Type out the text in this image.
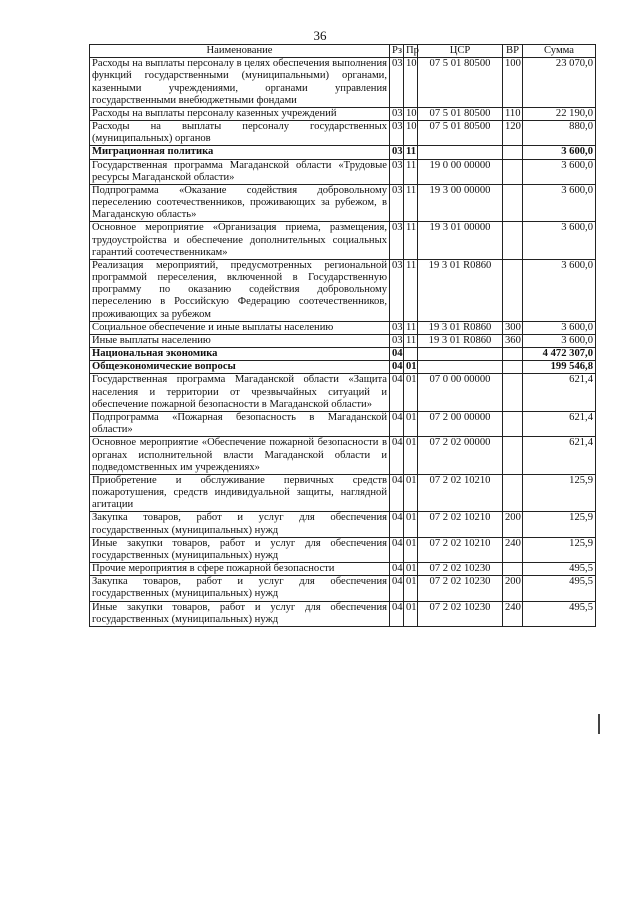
36
Наименование	Рз	Пр	ЦСР	ВР	Сумма
Расходы на выплаты персоналу в целях обеспечения выполнения функций государственными (муниципальными) органами, казенными учреждениями, органами управления государственными внебюджетными фондами	03	10	07 5 01 80500	100	23 070,0
Расходы на выплаты персоналу казенных учреждений	03	10	07 5 01 80500	110	22 190,0
Расходы на выплаты персоналу государственных (муниципальных) органов	03	10	07 5 01 80500	120	880,0
Миграционная политика	03	11			3 600,0
Государственная программа Магаданской области «Трудовые ресурсы Магаданской области»	03	11	19 0 00 00000		3 600,0
Подпрограмма «Оказание содействия добровольному переселению соотечественников, проживающих за рубежом, в Магаданскую область»	03	11	19 3 00 00000		3 600,0
Основное мероприятие «Организация приема, размещения, трудоустройства и обеспечение дополнительных социальных гарантий соотечественникам»	03	11	19 3 01 00000		3 600,0
Реализация мероприятий, предусмотренных региональной программой переселения, включенной в Государственную программу по оказанию содействия добровольному переселению в Российскую Федерацию соотечественников, проживающих за рубежом	03	11	19 3 01 R0860		3 600,0
Социальное обеспечение и иные выплаты населению	03	11	19 3 01 R0860	300	3 600,0
Иные выплаты населению	03	11	19 3 01 R0860	360	3 600,0
Национальная экономика	04				4 472 307,0
Общеэкономические вопросы	04	01			199 546,8
Государственная программа Магаданской области «Защита населения и территории от чрезвычайных ситуаций и обеспечение пожарной безопасности в Магаданской области»	04	01	07 0 00 00000		621,4
Подпрограмма «Пожарная безопасность в Магаданской области»	04	01	07 2 00 00000		621,4
Основное мероприятие «Обеспечение пожарной безопасности в органах исполнительной власти Магаданской области и подведомственных им учреждениях»	04	01	07 2 02 00000		621,4
Приобретение и обслуживание первичных средств пожаротушения, средств индивидуальной защиты, наглядной агитации	04	01	07 2 02 10210		125,9
Закупка товаров, работ и услуг для обеспечения государственных (муниципальных) нужд	04	01	07 2 02 10210	200	125,9
Иные закупки товаров, работ и услуг для обеспечения государственных (муниципальных) нужд	04	01	07 2 02 10210	240	125,9
Прочие мероприятия в сфере пожарной безопасности	04	01	07 2 02 10230		495,5
Закупка товаров, работ и услуг для обеспечения государственных (муниципальных) нужд	04	01	07 2 02 10230	200	495,5
Иные закупки товаров, работ и услуг для обеспечения государственных (муниципальных) нужд	04	01	07 2 02 10230	240	495,5
